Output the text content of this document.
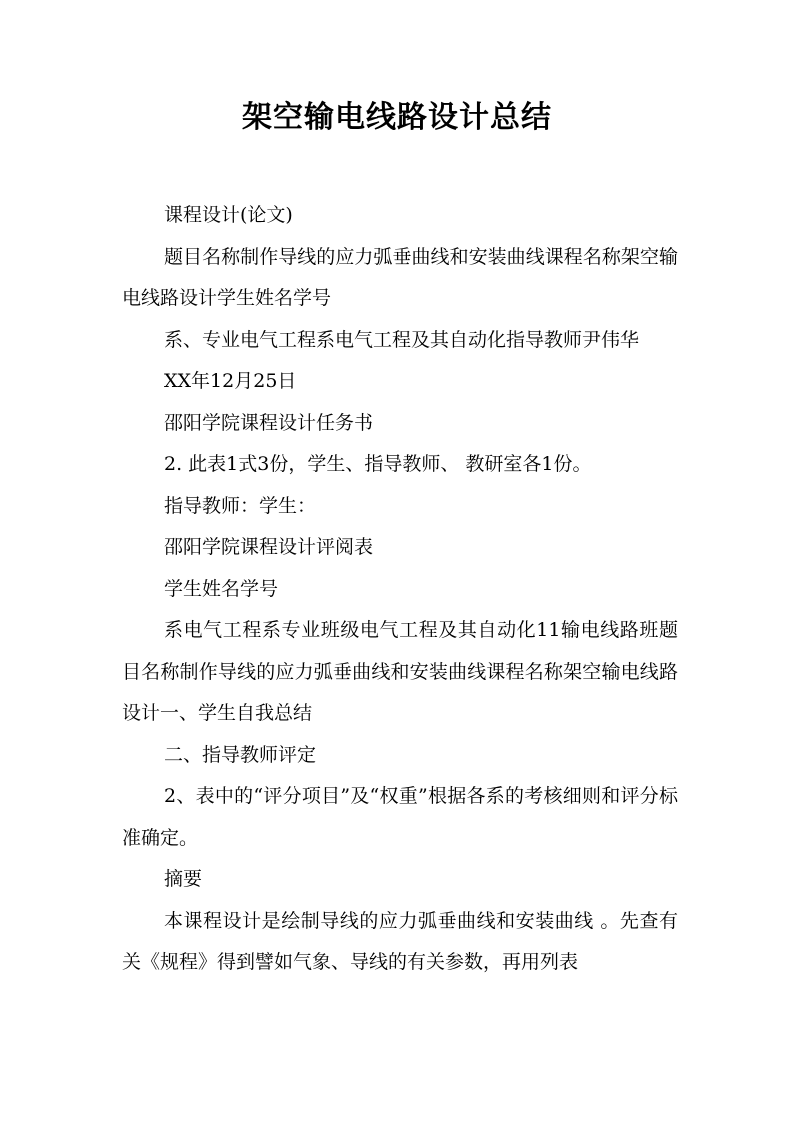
架空输电线路设计总结

课程设计(论文)

题目名称制作导线的应力弧垂曲线和安装曲线课程名称架空输电线路设计学生姓名学号

系、专业电气工程系电气工程及其自动化指导教师尹伟华

XX年12月25日

邵阳学院课程设计任务书

2. 此表1式3份，学生、指导教师、 教研室各1份。

指导教师：学生：

邵阳学院课程设计评阅表

学生姓名学号

系电气工程系专业班级电气工程及其自动化11输电线路班题目名称制作导线的应力弧垂曲线和安装曲线课程名称架空输电线路设计一、学生自我总结

二、指导教师评定

2、表中的“评分项目”及“权重”根据各系的考核细则和评分标准确定。

摘要

本课程设计是绘制导线的应力弧垂曲线和安装曲线 。先查有关《规程》得到譬如气象、导线的有关参数，再用列表
